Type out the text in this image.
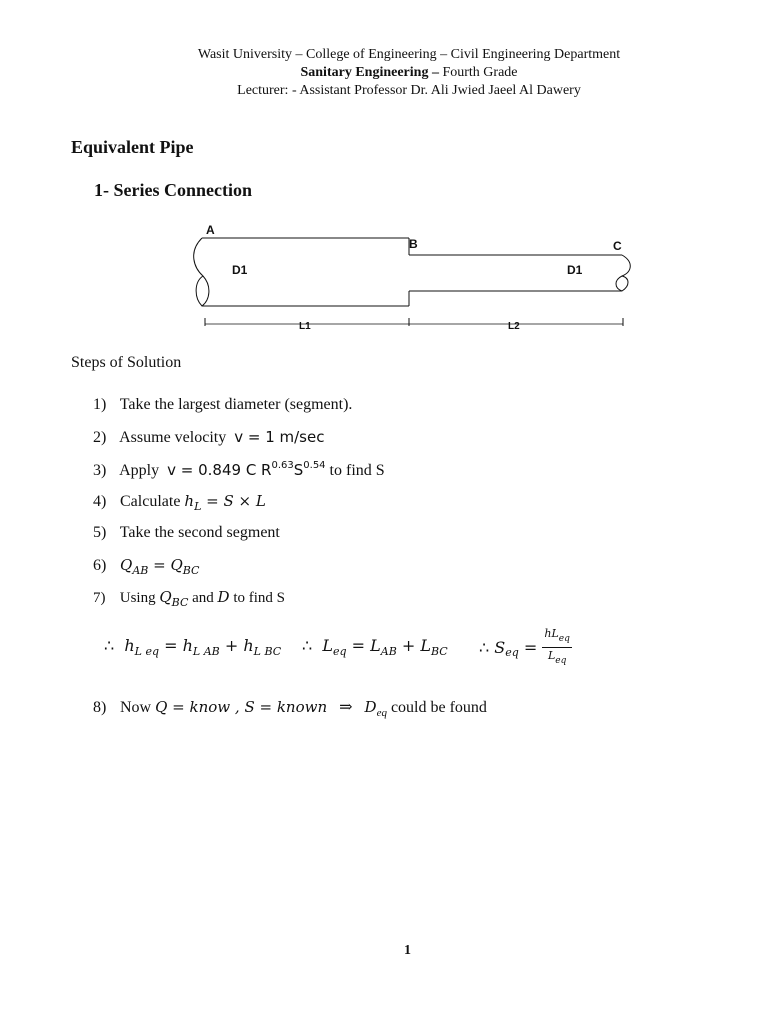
Wasit University – College of Engineering – Civil Engineering Department
Sanitary Engineering – Fourth Grade
Lecturer: - Assistant Professor Dr. Ali Jwied Jaeel Al Dawery
Equivalent Pipe
1- Series Connection
A
B	C
D1	D1
L1	L2
Steps of Solution
1) Take the largest diameter (segment).
2) Assume velocity v = 1 m/sec
3) Apply v = 0.849 C $R^{0.63}S^{0.54}$ to find S
4) Calculate $h_L = S \times L$
5) Take the second segment
6) $Q_{AB} = Q_{BC}$
7) Using $Q_{BC}$ and D to find S
∴ $h_{L eq} = h_{L AB} + h_{L BC}$ ∴ $L_{eq} = L_{AB} + L_{BC}$ ∴ $S_{eq}$ =
$hL_{eq}$
$L_{eq}$
8) Now Q = know , S = known ⇒ $D_{eq}$ could be found
1
